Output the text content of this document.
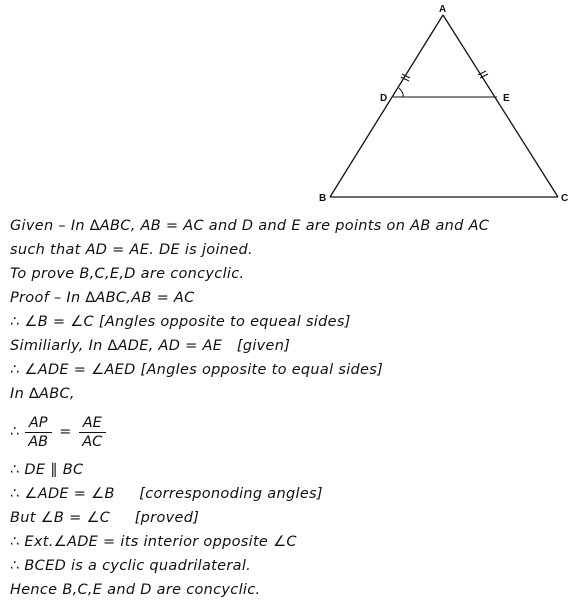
A
B	C
D	E
Given – In ∆ABC, AB = AC and D and E are points on AB and AC
such that AD = AE. DE is joined.
To prove B,C,E,D are concyclic.
Proof – In ∆ABC,AB = AC
∴ ∠B = ∠C [Angles opposite to equeal sides]
Similiarly, In ∆ADE, AD = AE   [given]
∴ ∠ADE = ∠AED [Angles opposite to equal sides]
In ∆ABC,
∴ $\frac{AP}{AB} = \frac{AE}{AC}$
∴ DE ∥ BC
∴ ∠ADE = ∠B     [corresponoding angles]
But ∠B = ∠C     [proved]
∴ Ext.∠ADE = its interior opposite ∠C
∴ BCED is a cyclic quadrilateral.
Hence B,C,E and D are concyclic.
